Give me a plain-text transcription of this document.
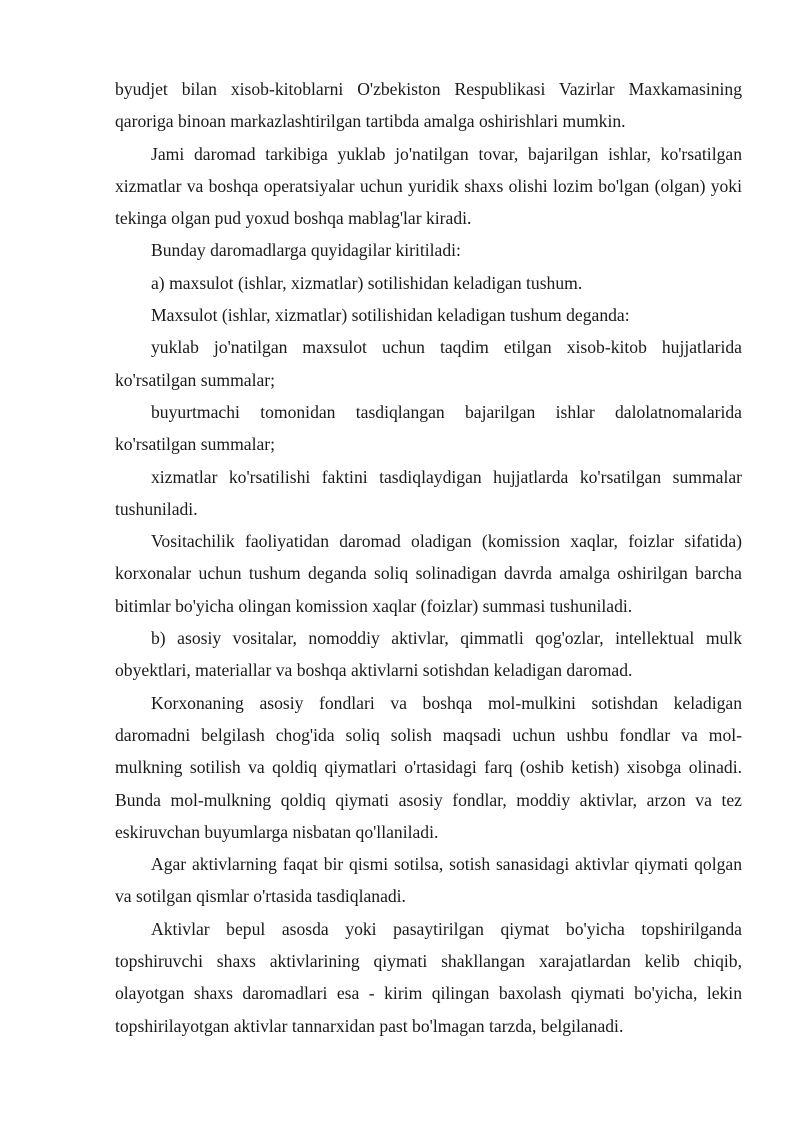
byudjet bilan xisob-kitoblarni O'zbekiston Respublikasi Vazirlar Maxkamasining qaroriga binoan markazlashtirilgan tartibda amalga oshirishlari mumkin.

Jami daromad tarkibiga yuklab jo'natilgan tovar, bajarilgan ishlar, ko'rsatilgan xizmatlar va boshqa operatsiyalar uchun yuridik shaxs olishi lozim bo'lgan (olgan) yoki tekinga olgan pud yoxud boshqa mablag'lar kiradi.

Bunday daromadlarga quyidagilar kiritiladi:

a) maxsulot (ishlar, xizmatlar) sotilishidan keladigan tushum.

Maxsulot (ishlar, xizmatlar) sotilishidan keladigan tushum deganda:

yuklab jo'natilgan maxsulot uchun taqdim etilgan xisob-kitob hujjatlarida ko'rsatilgan summalar;

buyurtmachi tomonidan tasdiqlangan bajarilgan ishlar dalolatnomalarida ko'rsatilgan summalar;

xizmatlar ko'rsatilishi faktini tasdiqlaydigan hujjatlarda ko'rsatilgan summalar tushuniladi.

Vositachilik faoliyatidan daromad oladigan (komission xaqlar, foizlar sifatida) korxonalar uchun tushum deganda soliq solinadigan davrda amalga oshirilgan barcha bitimlar bo'yicha olingan komission xaqlar (foizlar) summasi tushuniladi.

b) asosiy vositalar, nomoddiy aktivlar, qimmatli qog'ozlar, intellektual mulk obyektlari, materiallar va boshqa aktivlarni sotishdan keladigan daromad.

Korxonaning asosiy fondlari va boshqa mol-mulkini sotishdan keladigan daromadni belgilash chog'ida soliq solish maqsadi uchun ushbu fondlar va mol-mulkning sotilish va qoldiq qiymatlari o'rtasidagi farq (oshib ketish) xisobga olinadi. Bunda mol-mulkning qoldiq qiymati asosiy fondlar, moddiy aktivlar, arzon va tez eskiruvchan buyumlarga nisbatan qo'llaniladi.

Agar aktivlarning faqat bir qismi sotilsa, sotish sanasidagi aktivlar qiymati qolgan va sotilgan qismlar o'rtasida tasdiqlanadi.

Aktivlar bepul asosda yoki pasaytirilgan qiymat bo'yicha topshirilganda topshiruvchi shaxs aktivlarining qiymati shakllangan xarajatlardan kelib chiqib, olayotgan shaxs daromadlari esa - kirim qilingan baxolash qiymati bo'yicha, lekin topshirilayotgan aktivlar tannarxidan past bo'lmagan tarzda, belgilanadi.
